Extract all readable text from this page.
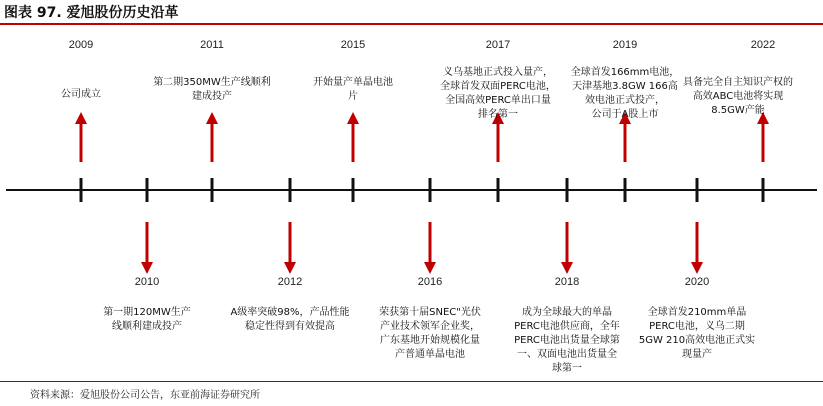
图表 97. 爱旭股份历史沿革
2009
公司成立
2010
第一期120MW生产
线顺利建成投产
2011
第二期350MW生产线顺利
建成投产
2012
A级率突破98%，产品性能
稳定性得到有效提高
2015
开始量产单晶电池
片
2016
荣获第十届SNEC"光伏
产业技术领军企业奖，
广东基地开始规模化量
产普通单晶电池
2017
义乌基地正式投入量产，
全球首发双面PERC电池，
全国高效PERC单出口量
排名第一
2018
成为全球最大的单晶
PERC电池供应商，全年
PERC电池出货量全球第
一、双面电池出货量全
球第一
2019
全球首发166mm电池，
天津基地3.8GW 166高
效电池正式投产，
公司于A股上市
2020
全球首发210mm单晶
PERC电池，义乌二期
5GW 210高效电池正式实
现量产
2022
具备完全自主知识产权的
高效ABC电池将实现
8.5GW产能
资料来源：爱旭股份公司公告，东亚前海证券研究所
